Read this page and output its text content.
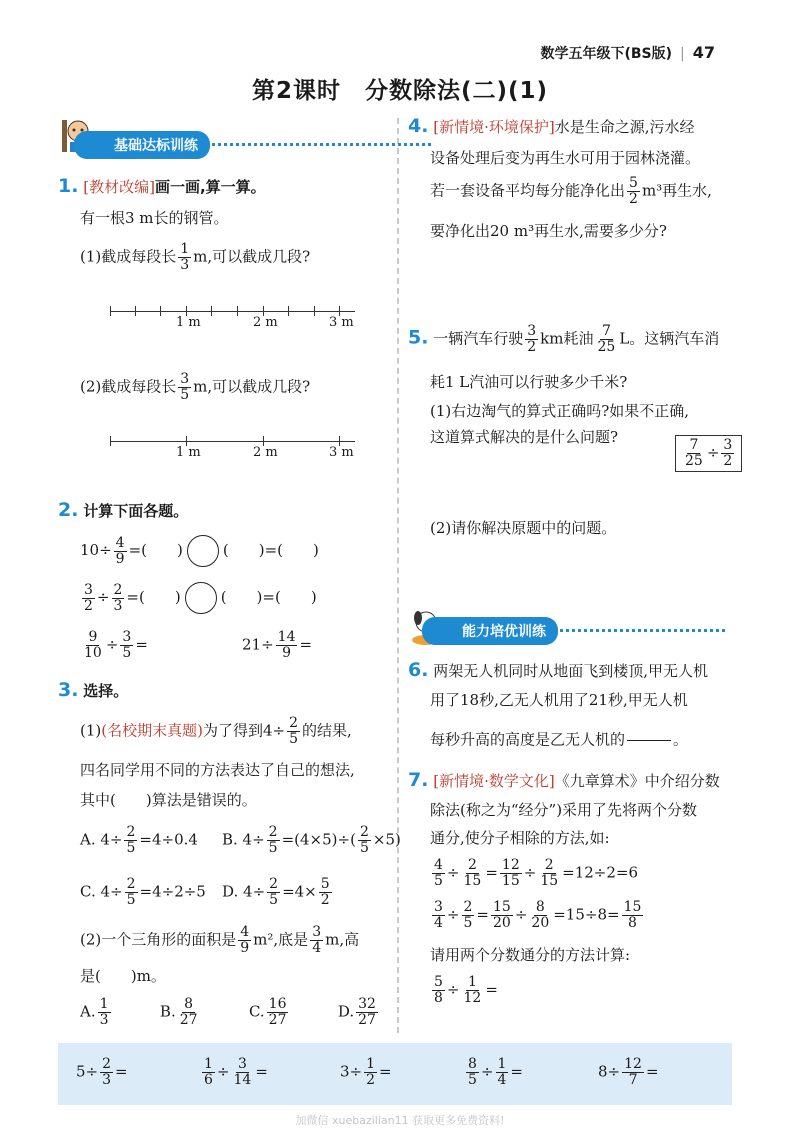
数学五年级下(BS版) | 47
第2课时　分数除法(二)(1)
基础达标训练
1. [教材改编]画一画,算一算。
有一根3 m长的钢管。
(1)截成每段长 $\frac{1}{3} m$,可以截成几段?
1 m	2 m	3 m
(2)截成每段长 $\frac{3}{5} m$,可以截成几段?
1 m	2 m	3 m
2. 计算下面各题。
$10\div \frac{4}{9}$ =(　　)	(　　)=(　　)
$\frac{3}{2} \div \frac{2}{3}$ =(　　)	(　　)=(　　)
$\frac{9}{10} \div \frac{3}{5}$ =	$21\div \frac{14}{9}$ =
3. 选择。
(1)(名校期末真题)为了得到$4\div \frac{2}{5}$ 的结果,
四名同学用不同的方法表达了自己的想法,
其中(　　)算法是错误的。
A. $4\div \frac{2}{5} =4\div 0.4$ B. $4\div \frac{2}{5} =(4\times 5)\div( \frac{2}{5} \times 5)$
C. $4\div \frac{2}{5} =4\div 2\div 5$ D. $4\div \frac{2}{5} =4\times \frac{5}{2}$
(2)一个三角形的面积是 $\frac{4}{9} m^2$,底是 $\frac{3}{4} m$,高
是(　　)m。
A. $\frac{1}{3}$	B. $\frac{8}{27}$	C. $\frac{16}{27}$	D. $\frac{32}{27}$
4. [新情境·环境保护]水是生命之源,污水经
设备处理后变为再生水可用于园林浇灌。
若一套设备平均每分能净化出 $\frac{5}{2} m^3$再生水,
要净化出20 m³再生水,需要多少分?
5. 一辆汽车行驶 $\frac{3}{2}$ km耗油 $\frac{7}{25}$ L。这辆汽车消
耗1 L汽油可以行驶多少千米?
(1)右边淘气的算式正确吗?如果不正确,
这道算式解决的是什么问题?
$\frac{7}{25} \div \frac{3}{2}$
(2)请你解决原题中的问题。
能力培优训练
6. 两架无人机同时从地面飞到楼顶,甲无人机
用了18秒,乙无人机用了21秒,甲无人机
每秒升高的高度是乙无人机的	。
7. [新情境·数学文化]《九章算术》中介绍分数
除法(称之为“经分”)采用了先将两个分数
通分,使分子相除的方法,如:
$\frac{4}{5} \div \frac{2}{15} = \frac{12}{15} \div \frac{2}{15} =12\div 2=6$
$\frac{3}{4} \div \frac{2}{5} = \frac{15}{20} \div \frac{8}{20} =15\div 8= \frac{15}{8}$
请用两个分数通分的方法计算:
$\frac{5}{8} \div \frac{1}{12}$ =
$5\div \frac{2}{3}$ =	$\frac{1}{6} \div \frac{3}{14}$ =	$3\div \frac{1}{2}$ =	$\frac{8}{5} \div \frac{1}{4}$ =	$8\div \frac{12}{7}$ =
加微信 xuebazilian11 获取更多免费资料!
